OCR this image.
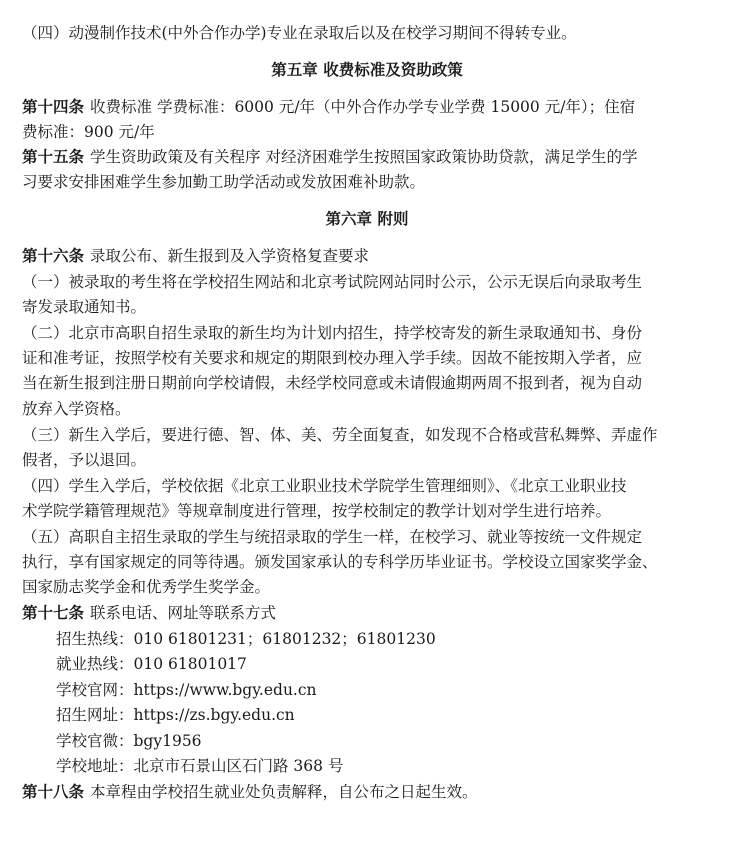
（四）动漫制作技术(中外合作办学)专业在录取后以及在校学习期间不得转专业。
第五章 收费标准及资助政策
第十四条 收费标准 学费标准：6000 元/年（中外合作办学专业学费 15000 元/年）；住宿
费标准：900 元/年
第十五条 学生资助政策及有关程序 对经济困难学生按照国家政策协助贷款，满足学生的学
习要求安排困难学生参加勤工助学活动或发放困难补助款。
第六章 附则
第十六条 录取公布、新生报到及入学资格复查要求
（一）被录取的考生将在学校招生网站和北京考试院网站同时公示，公示无误后向录取考生
寄发录取通知书。
（二）北京市高职自招生录取的新生均为计划内招生，持学校寄发的新生录取通知书、身份
证和准考证，按照学校有关要求和规定的期限到校办理入学手续。因故不能按期入学者，应
当在新生报到注册日期前向学校请假，未经学校同意或未请假逾期两周不报到者，视为自动
放弃入学资格。
（三）新生入学后，要进行德、智、体、美、劳全面复查，如发现不合格或营私舞弊、弄虚作
假者，予以退回。
（四）学生入学后，学校依据《北京工业职业技术学院学生管理细则》、《北京工业职业技
术学院学籍管理规范》等规章制度进行管理，按学校制定的教学计划对学生进行培养。
（五）高职自主招生录取的学生与统招录取的学生一样，在校学习、就业等按统一文件规定
执行，享有国家规定的同等待遇。颁发国家承认的专科学历毕业证书。学校设立国家奖学金、
国家励志奖学金和优秀学生奖学金。
第十七条 联系电话、网址等联系方式
招生热线：010 61801231；61801232；61801230
就业热线：010 61801017
学校官网：https://www.bgy.edu.cn
招生网址：https://zs.bgy.edu.cn
学校官微：bgy1956
学校地址：北京市石景山区石门路 368 号
第十八条 本章程由学校招生就业处负责解释，自公布之日起生效。
